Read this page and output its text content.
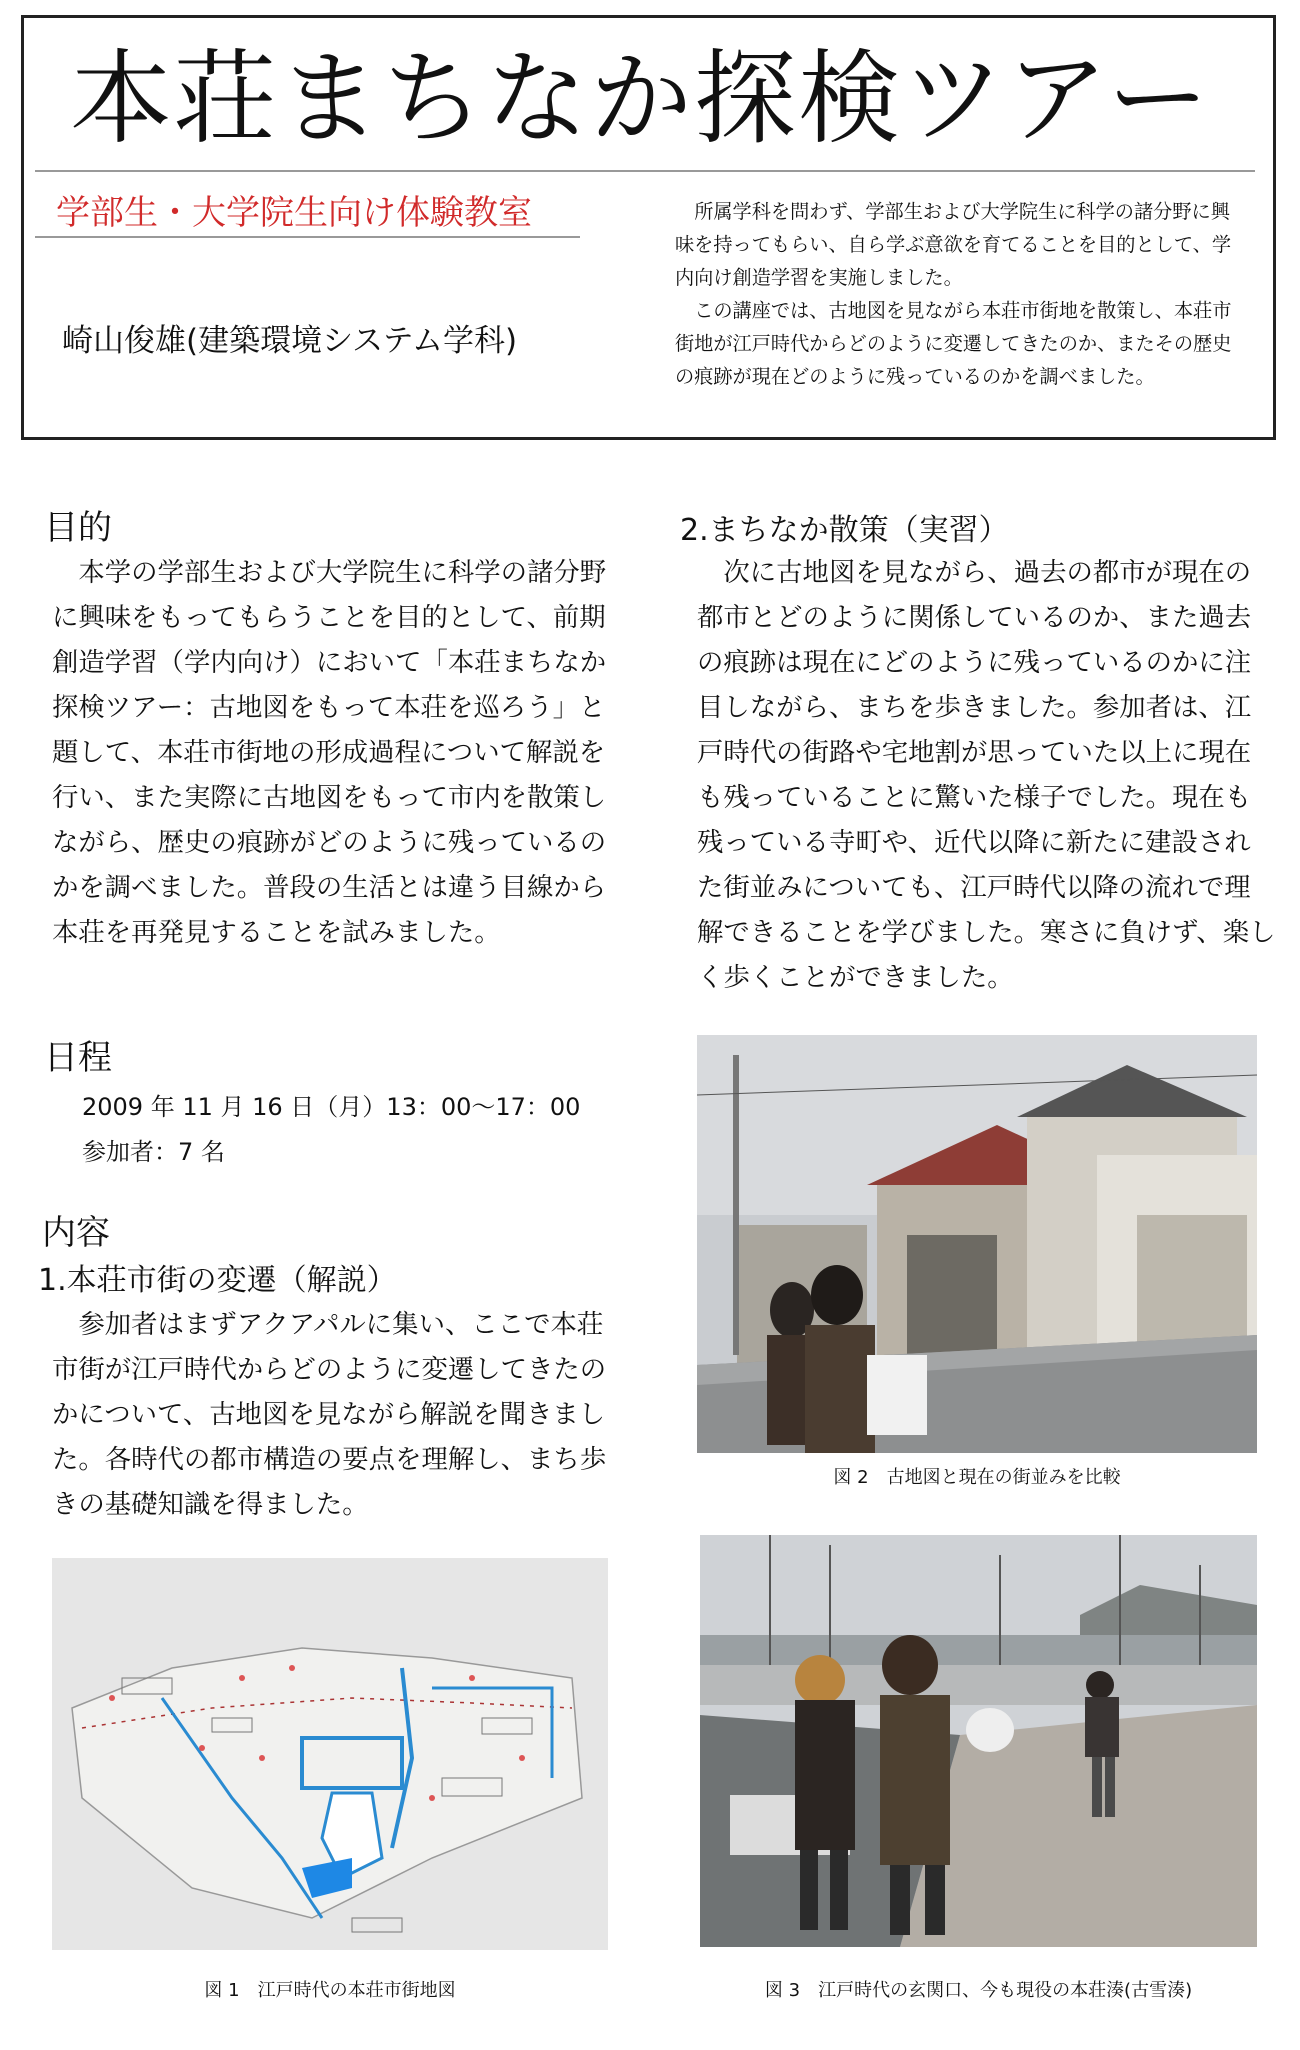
本荘まちなか探検ツアー
学部生・大学院生向け体験教室
崎山俊雄(建築環境システム学科)

所属学科を問わず、学部生および大学院生に科学の諸分野に興味を持ってもらい、自ら学ぶ意欲を育てることを目的として、学内向け創造学習を実施しました。

この講座では、古地図を見ながら本荘市街地を散策し、本荘市街地が江戸時代からどのように変遷してきたのか、またその歴史の痕跡が現在どのように残っているのかを調べました。

目的

本学の学部生および大学院生に科学の諸分野に興味をもってもらうことを目的として、前期創造学習（学内向け）において「本荘まちなか探検ツアー：古地図をもって本荘を巡ろう」と題して、本荘市街地の形成過程について解説を行い、また実際に古地図をもって市内を散策しながら、歴史の痕跡がどのように残っているのかを調べました。普段の生活とは違う目線から本荘を再発見することを試みました。

日程
2009 年 11 月 16 日（月）13：00〜17：00
参加者：7 名
内容
1.本荘市街の変遷（解説）

参加者はまずアクアパルに集い、ここで本荘市街が江戸時代からどのように変遷してきたのかについて、古地図を見ながら解説を聞きました。各時代の都市構造の要点を理解し、まち歩きの基礎知識を得ました。

2.まちなか散策（実習）

次に古地図を見ながら、過去の都市が現在の都市とどのように関係しているのか、また過去の痕跡は現在にどのように残っているのかに注目しながら、まちを歩きました。参加者は、江戸時代の街路や宅地割が思っていた以上に現在も残っていることに驚いた様子でした。現在も残っている寺町や、近代以降に新たに建設された街並みについても、江戸時代以降の流れで理解できることを学びました。寒さに負けず、楽しく歩くことができました。

図 2　古地図と現在の街並みを比較
図 1　江戸時代の本荘市街地図	図 3　江戸時代の玄関口、今も現役の本荘湊(古雪湊)
